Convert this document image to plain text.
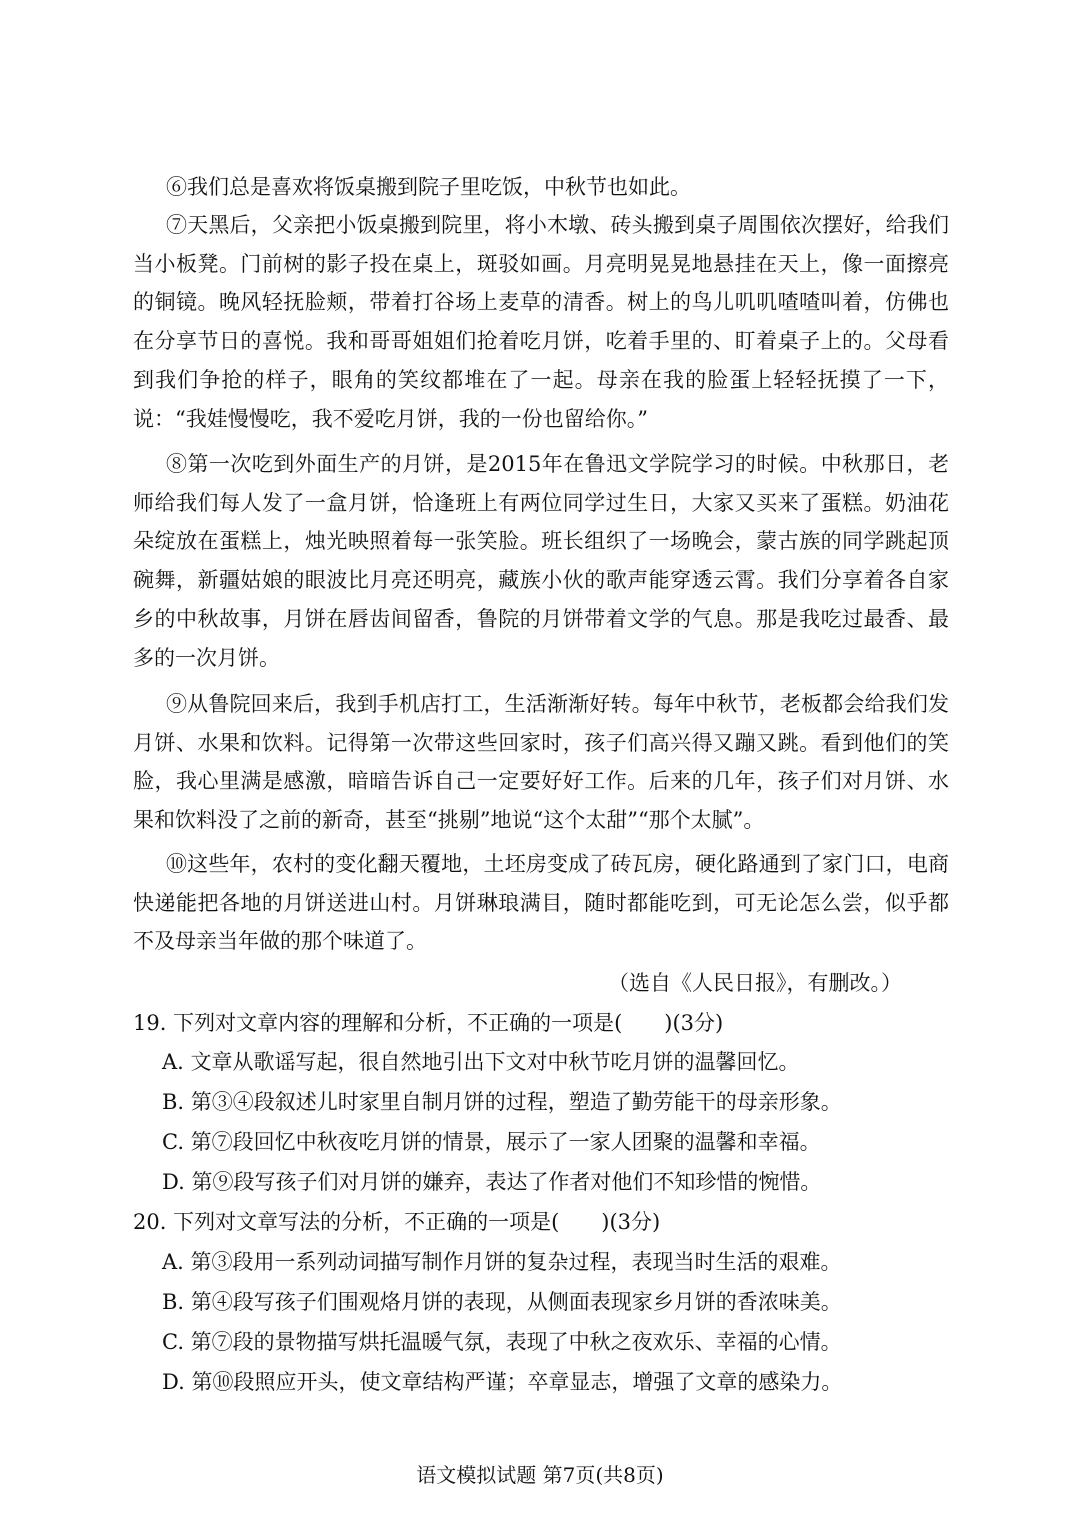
⑥我们总是喜欢将饭桌搬到院子里吃饭，中秋节也如此。

⑦天黑后，父亲把小饭桌搬到院里，将小木墩、砖头搬到桌子周围依次摆好，给我们当小板凳。门前树的影子投在桌上，斑驳如画。月亮明晃晃地悬挂在天上，像一面擦亮的铜镜。晚风轻抚脸颊，带着打谷场上麦草的清香。树上的鸟儿叽叽喳喳叫着，仿佛也在分享节日的喜悦。我和哥哥姐姐们抢着吃月饼，吃着手里的、盯着桌子上的。父母看到我们争抢的样子，眼角的笑纹都堆在了一起。母亲在我的脸蛋上轻轻抚摸了一下，说：“我娃慢慢吃，我不爱吃月饼，我的一份也留给你。”

⑧第一次吃到外面生产的月饼，是2015年在鲁迅文学院学习的时候。中秋那日，老师给我们每人发了一盒月饼，恰逢班上有两位同学过生日，大家又买来了蛋糕。奶油花朵绽放在蛋糕上，烛光映照着每一张笑脸。班长组织了一场晚会，蒙古族的同学跳起顶碗舞，新疆姑娘的眼波比月亮还明亮，藏族小伙的歌声能穿透云霄。我们分享着各自家乡的中秋故事，月饼在唇齿间留香，鲁院的月饼带着文学的气息。那是我吃过最香、最多的一次月饼。

⑨从鲁院回来后，我到手机店打工，生活渐渐好转。每年中秋节，老板都会给我们发月饼、水果和饮料。记得第一次带这些回家时，孩子们高兴得又蹦又跳。看到他们的笑脸，我心里满是感激，暗暗告诉自己一定要好好工作。后来的几年，孩子们对月饼、水果和饮料没了之前的新奇，甚至“挑剔”地说“这个太甜”“那个太腻”。

⑩这些年，农村的变化翻天覆地，土坯房变成了砖瓦房，硬化路通到了家门口，电商快递能把各地的月饼送进山村。月饼琳琅满目，随时都能吃到，可无论怎么尝，似乎都不及母亲当年做的那个味道了。

（选自《人民日报》，有删改。）

19. 下列对文章内容的理解和分析，不正确的一项是(　　)(3分)

A. 文章从歌谣写起，很自然地引出下文对中秋节吃月饼的温馨回忆。

B. 第③④段叙述儿时家里自制月饼的过程，塑造了勤劳能干的母亲形象。

C. 第⑦段回忆中秋夜吃月饼的情景，展示了一家人团聚的温馨和幸福。

D. 第⑨段写孩子们对月饼的嫌弃，表达了作者对他们不知珍惜的惋惜。

20. 下列对文章写法的分析，不正确的一项是(　　)(3分)

A. 第③段用一系列动词描写制作月饼的复杂过程，表现当时生活的艰难。

B. 第④段写孩子们围观烙月饼的表现，从侧面表现家乡月饼的香浓味美。

C. 第⑦段的景物描写烘托温暖气氛，表现了中秋之夜欢乐、幸福的心情。

D. 第⑩段照应开头，使文章结构严谨；卒章显志，增强了文章的感染力。

语文模拟试题 第7页(共8页)
